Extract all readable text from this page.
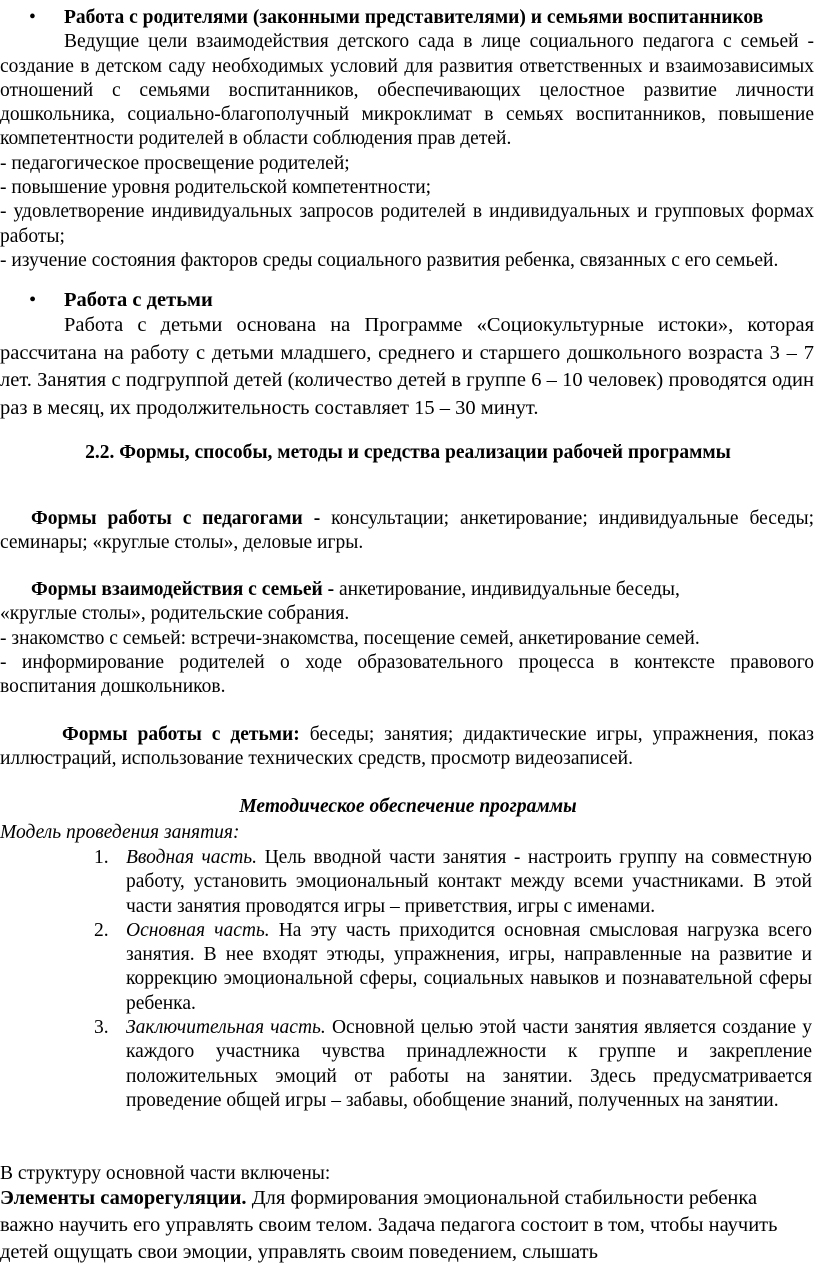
• Работа с родителями (законными представителями) и семьями воспитанников

Ведущие цели взаимодействия детского сада в лице социального педагога с семьей - создание в детском саду необходимых условий для развития ответственных и взаимозависимых отношений с семьями воспитанников, обеспечивающих целостное развитие личности дошкольника, социально-благополучный микроклимат в семьях воспитанников, повышение компетентности родителей в области соблюдения прав детей.

- педагогическое просвещение родителей;

- повышение уровня родительской компетентности;

- удовлетворение индивидуальных запросов родителей в индивидуальных и групповых формах работы;

- изучение состояния факторов среды социального развития ребенка, связанных с его семьей.

• Работа с детьми

Работа с детьми основана на Программе «Социокультурные истоки», которая рассчитана на работу с детьми младшего, среднего и старшего дошкольного возраста 3 – 7 лет. Занятия с подгруппой детей (количество детей в группе 6 – 10 человек) проводятся один раз в месяц, их продолжительность составляет 15 – 30 минут.

2.2. Формы, способы, методы и средства реализации рабочей программы

Формы работы с педагогами - консультации; анкетирование; индивидуальные беседы; семинары; «круглые столы», деловые игры.

Формы взаимодействия с семьей - анкетирование, индивидуальные беседы,

«круглые столы», родительские собрания.

- знакомство с семьей: встречи-знакомства, посещение семей, анкетирование семей.

- информирование родителей о ходе образовательного процесса в контексте правового воспитания дошкольников.

Формы работы с детьми: беседы; занятия; дидактические игры, упражнения, показ иллюстраций, использование технических средств, просмотр видеозаписей.

Методическое обеспечение программы

Модель проведения занятия:

1. Вводная часть. Цель вводной части занятия - настроить группу на совместную работу, установить эмоциональный контакт между всеми участниками. В этой части занятия проводятся игры – приветствия, игры с именами.
2. Основная часть. На эту часть приходится основная смысловая нагрузка всего занятия. В нее входят этюды, упражнения, игры, направленные на развитие и коррекцию эмоциональной сферы, социальных навыков и познавательной сферы ребенка.
3. Заключительная часть. Основной целью этой части занятия является создание у каждого участника чувства принадлежности к группе и закрепление положительных эмоций от работы на занятии. Здесь предусматривается проведение общей игры – забавы, обобщение знаний, полученных на занятии.

В структуру основной части включены:

Элементы саморегуляции. Для формирования эмоциональной стабильности ребенка

важно научить его управлять своим телом. Задача педагога состоит в том, чтобы научить

детей ощущать свои эмоции, управлять своим поведением, слышать
